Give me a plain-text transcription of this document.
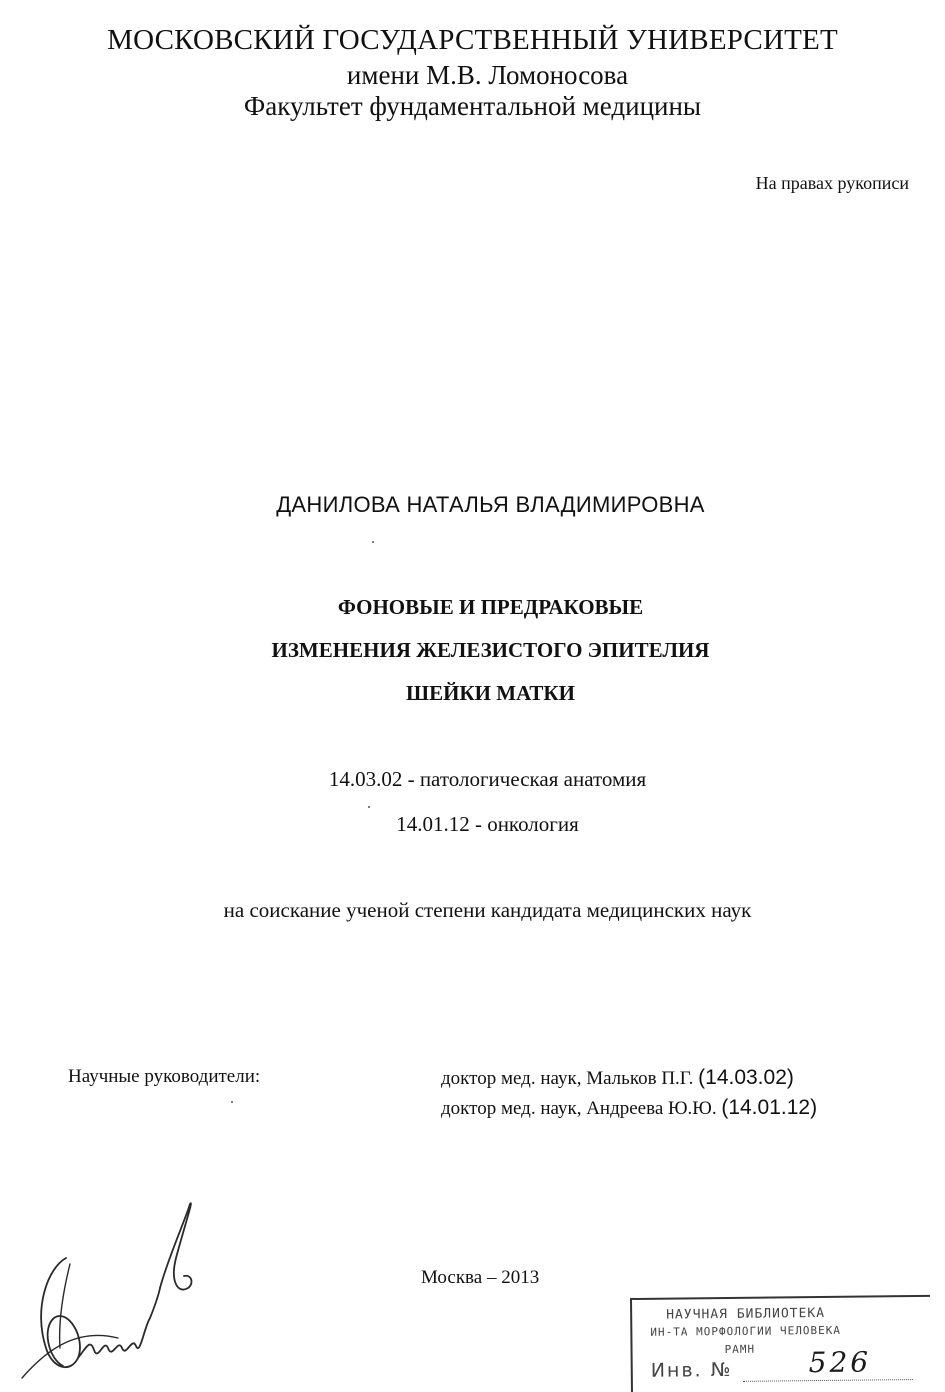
МОСКОВСКИЙ ГОСУДАРСТВЕННЫЙ УНИВЕРСИТЕТ
имени М.В. Ломоносова
Факультет фундаментальной медицины
На правах рукописи
ДАНИЛОВА НАТАЛЬЯ ВЛАДИМИРОВНА
ФОНОВЫЕ И ПРЕДРАКОВЫЕ
ИЗМЕНЕНИЯ ЖЕЛЕЗИСТОГО ЭПИТЕЛИЯ
ШЕЙКИ МАТКИ
14.03.02 - патологическая анатомия
14.01.12 - онкология
на соискание ученой степени кандидата медицинских наук
Научные руководители:	доктор мед. наук, Мальков П.Г. (14.03.02)
доктор мед. наук, Андреева Ю.Ю. (14.01.12)
Москва – 2013
НАУЧНАЯ БИБЛИОТЕКА
ИН-ТА МОРФОЛОГИИ ЧЕЛОВЕКА
РАМН
Инв. №	526
